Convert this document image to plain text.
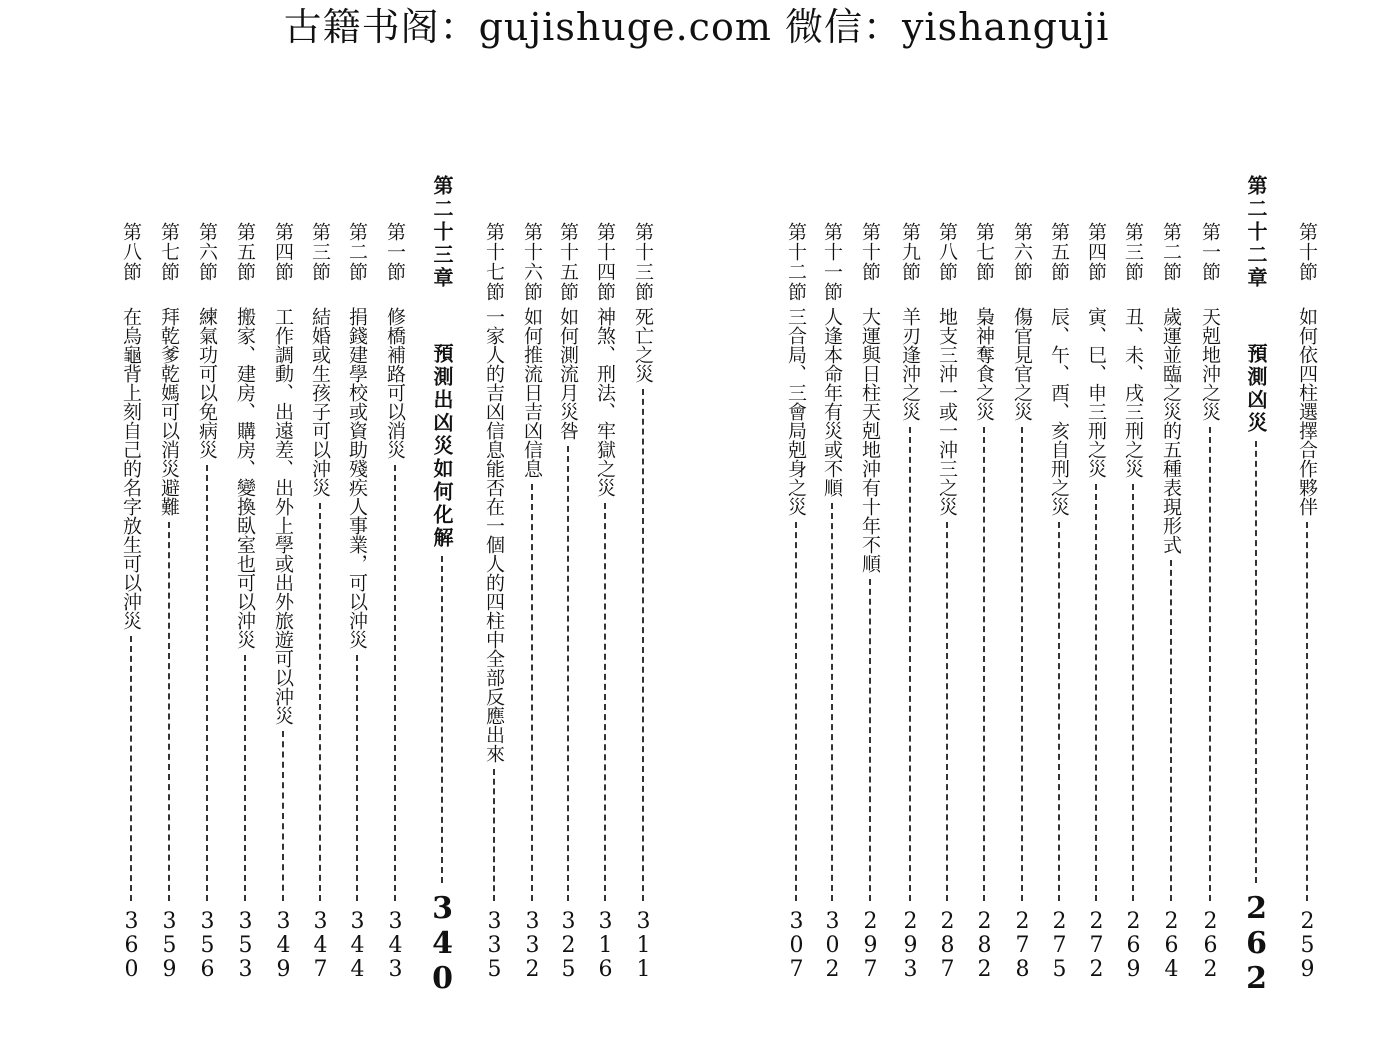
古籍书阁：gujishuge.com 微信：yishanguji
第十節
如何依四柱選擇合作夥伴
259
第二十二章
預測凶災
262
第一節
天剋地沖之災
262
第二節
歲運並臨之災的五種表現形式
264
第三節
丑、未、戌三刑之災
269
第四節
寅、巳、申三刑之災
272
第五節
辰、午、酉、亥自刑之災
275
第六節
傷官見官之災
278
第七節
梟神奪食之災
282
第八節
地支三沖一或一沖三之災
287
第九節
羊刃逢沖之災
293
第十節
大運與日柱天剋地沖有十年不順
297
第十一節
人逢本命年有災或不順
302
第十二節
三合局、三會局剋身之災
307
第十三節
死亡之災
311
第十四節
神煞、刑法、牢獄之災
316
第十五節
如何測流月災咎
325
第十六節
如何推流日吉凶信息
332
第十七節
一家人的吉凶信息能否在一個人的四柱中全部反應出來
335
第二十三章
預測出凶災如何化解
340
第一節
修橋補路可以消災
343
第二節
捐錢建學校或資助殘疾人事業，可以沖災
344
第三節
結婚或生孩子可以沖災
347
第四節
工作調動、出遠差、出外上學或出外旅遊可以沖災
349
第五節
搬家、建房、購房、變換臥室也可以沖災
353
第六節
練氣功可以免病災
356
第七節
拜乾爹乾媽可以消災避難
359
第八節
在烏龜背上刻自己的名字放生可以沖災
360
